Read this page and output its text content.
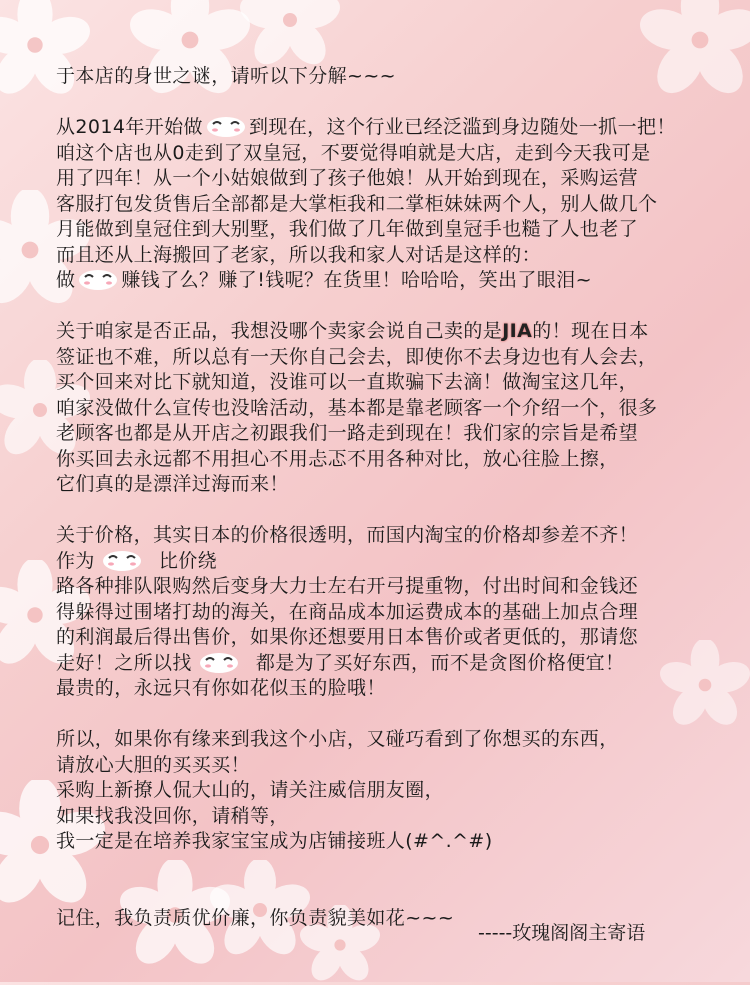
于本店的身世之谜，请听以下分解~~~
从2014年开始做 到现在，这个行业已经泛滥到身边随处一抓一把！
咱这个店也从0走到了双皇冠，不要觉得咱就是大店，走到今天我可是
用了四年！从一个小姑娘做到了孩子他娘！从开始到现在，采购运营
客服打包发货售后全部都是大掌柜我和二掌柜妹妹两个人，别人做几个
月能做到皇冠住到大别墅，我们做了几年做到皇冠手也糙了人也老了
而且还从上海搬回了老家，所以我和家人对话是这样的：
做 赚钱了么？赚了!钱呢？在货里！哈哈哈，笑出了眼泪~
关于咱家是否正品，我想没哪个卖家会说自己卖的是JIA的！现在日本
签证也不难，所以总有一天你自己会去，即使你不去身边也有人会去，
买个回来对比下就知道，没谁可以一直欺骗下去滴！做淘宝这几年，
咱家没做什么宣传也没啥活动，基本都是靠老顾客一个介绍一个，很多
老顾客也都是从开店之初跟我们一路走到现在！我们家的宗旨是希望
你买回去永远都不用担心不用忐忑不用各种对比，放心往脸上擦，
它们真的是漂洋过海而来！
关于价格，其实日本的价格很透明，而国内淘宝的价格却参差不齐！
作为	比价绕
路各种排队限购然后变身大力士左右开弓提重物，付出时间和金钱还
得躲得过围堵打劫的海关，在商品成本加运费成本的基础上加点合理
的利润最后得出售价，如果你还想要用日本售价或者更低的，那请您
走好！之所以找	都是为了买好东西，而不是贪图价格便宜！
最贵的，永远只有你如花似玉的脸哦！
所以，如果你有缘来到我这个小店，又碰巧看到了你想买的东西，
请放心大胆的买买买！
采购上新撩人侃大山的，请关注威信朋友圈，
如果找我没回你，请稍等，
我一定是在培养我家宝宝成为店铺接班人(#^.^#)
记住，我负责质优价廉，你负责貌美如花~~~
-----玫瑰阁阁主寄语
